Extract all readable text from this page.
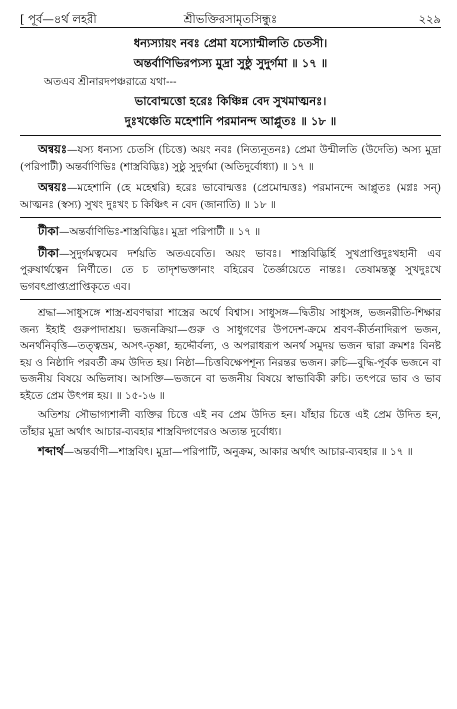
[ পূর্ব—৪র্থ লহরী	শ্রীভক্তিরসামৃতসিন্ধুঃ	২২৯
ধন্যস্যায়ং নবঃ প্রেমা যস্যোন্মীলতি চেতসী।
অন্তর্বাণিভিরপ্যস্য মুদ্রা সুষ্ঠু সুদুর্গমা ॥ ১৭ ॥
অতএব শ্রীনারদপঞ্চরাত্রে যথা---
ভাবোন্মত্তো হরেঃ কিঞ্চিন্ন বেদ সুখমাত্মনঃ।
দুঃখঞ্চেতি মহেশানি পরমানন্দ আপ্লুতঃ ॥ ১৮ ॥

অন্বয়ঃ—যস্য ধন্যস্য চেতসি (চিত্তে) অয়ং নবঃ (নিত্যনূতনঃ) প্রেমা উন্মীলতি (উদেতি) অস্য মুদ্রা (পরিপাটী) অন্তর্বাণিভিঃ (শাস্ত্রবিদ্ভিঃ) সুষ্ঠু সুদুর্গমা (অতিদুর্বোধ্যা) ॥ ১৭ ॥

অন্বয়ঃ—মহেশানি (হে মহেশ্বরি) হরেঃ ভাবোন্মত্তঃ (প্রেমোন্মত্তঃ) পরমানন্দে আপ্লুতঃ (মগ্নঃ সন্) আত্মনঃ (স্বস্য) সুখং দুঃখং চ কিঞ্চিৎ ন বেদ (জানাতি) ॥ ১৮ ॥

টীকা—অন্তর্বাণিভিঃ-শাস্ত্রবিদ্ভিঃ। মুদ্রা পরিপাটী ॥ ১৭ ॥

টীকা—সুদুর্গমত্বমেব দর্শয়তি অতএবেতি। অয়ং ভাবঃ। শাস্ত্রবিদ্ভির্হি সুখপ্রাপ্তিদুঃখহানী এব পুরুষার্থত্বেন নির্ণীতে। তে চ তাদৃশভক্তানাং বহিরেব তৈর্জ্ঞায়েতে নান্তঃ। তেষামন্তস্তু সুখদুঃখে ভগবৎপ্রাপ্ত্যপ্রাপ্তিকৃতে এব।

শ্রদ্ধা—সাধুসঙ্গে শাস্ত্র-শ্রবণদ্বারা শাস্ত্রের অর্থে বিশ্বাস। সাধুসঙ্গ—দ্বিতীয় সাধুসঙ্গ, ভজনরীতি-শিক্ষার জন্য ইহাই গুরুপাদাশ্রয়। ভজনক্রিয়া—গুরু ও সাধুগণের উপদেশ-ক্রমে শ্রবণ-কীর্তনাদিরূপ ভজন, অনর্থনিবৃত্তি—তত্ত্বভ্রম, অসৎ-তৃষ্ণা, হৃদ্দৌর্বল্য, ও অপরাধরূপ অনর্থ সমুদয় ভজন দ্বারা ক্রমশঃ বিনষ্ট হয় ও নিষ্ঠাদি পরবর্তী ক্রম উদিত হয়। নিষ্ঠা—চিত্তবিক্ষেপশূন্য নিরন্তর ভজন। রুচি—বুদ্ধি-পূর্বক ভজনে বা ভজনীয় বিষয়ে অভিলাষ। আসক্তি—ভজনে বা ভজনীয় বিষয়ে স্বাভাবিকী রুচি। তৎপরে ভাব ও ভাব হইতে প্রেম উৎপন্ন হয়। ॥ ১৫-১৬ ॥

অতিশয় সৌভাগ্যশালী ব্যক্তির চিত্তে এই নব প্রেম উদিত হন। যাঁহার চিত্তে এই প্রেম উদিত হন, তাঁহার মুদ্রা অর্থাৎ আচার-ব্যবহার শাস্ত্রবিদ্গণেরও অত্যন্ত দুর্বোধ্য।

শব্দার্থ—অন্তর্বাণী—শাস্ত্রবিৎ। মুদ্রা—পরিপাটি, অনুক্রম, আকার অর্থাৎ আচার-ব্যবহার ॥ ১৭ ॥
